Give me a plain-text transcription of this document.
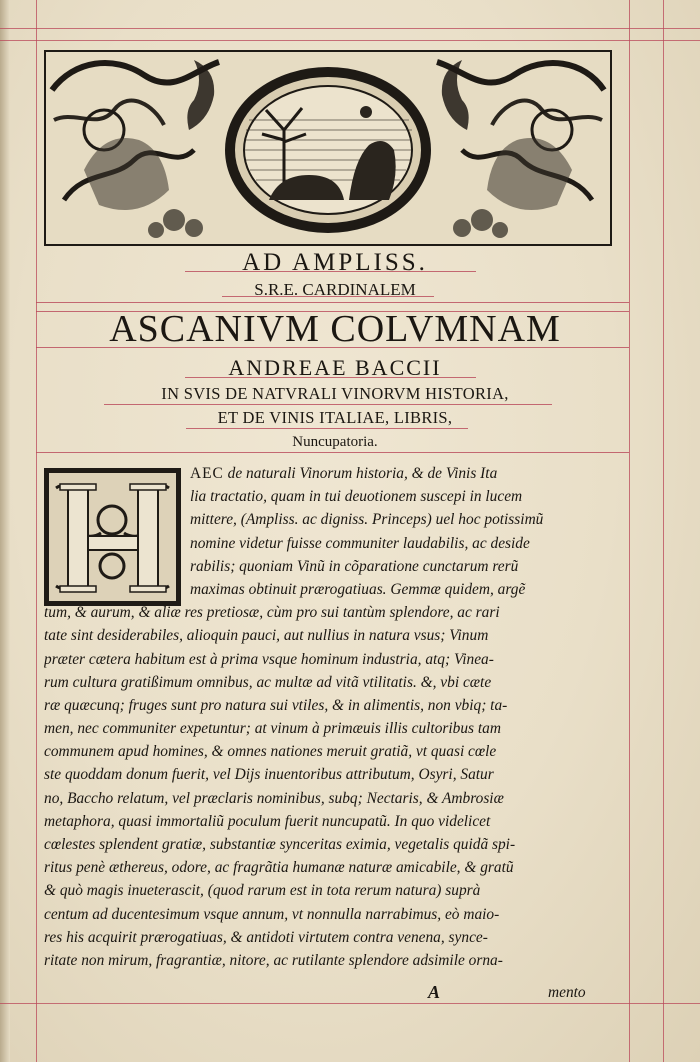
AD AMPLISS.
S.R.E. CARDINALEM
ASCANIVM COLVMNAM
ANDREAE BACCII
IN SVIS DE NATVRALI VINORVM HISTORIA,
ET DE VINIS ITALIAE, LIBRIS,
Nuncupatoria.
AEC de naturali Vinorum historia, & de Vinis Ita
lia tractatio, quam in tui deuotionem suscepi in lucem
mittere, (Ampliss. ac digniss. Princeps) uel hoc potissimũ
nomine videtur fuisse communiter laudabilis, ac deside
rabilis; quoniam Vinũ in cõparatione cunctarum rerũ
maximas obtinuit prærogatiuas. Gemmæ quidem, argẽ
tum, & aurum, & aliæ res pretiosæ, cùm pro sui tantùm splendore, ac rari
tate sint desiderabiles, alioquin pauci, aut nullius in natura vsus; Vinum
præter cætera habitum est à prima vsque hominum industria, atq; Vinea-
rum cultura gratißimum omnibus, ac multæ ad vitã vtilitatis. &, vbi cæte
ræ quæcunq; fruges sunt pro natura sui vtiles, & in alimentis, non vbiq; ta-
men, nec communiter expetuntur; at vinum à primæuis illis cultoribus tam
communem apud homines, & omnes nationes meruit gratiã, vt quasi cœle
ste quoddam donum fuerit, vel Dijs inuentoribus attributum, Osyri, Satur
no, Baccho relatum, vel præclaris nominibus, subq; Nectaris, & Ambrosiæ
metaphora, quasi immortaliũ poculum fuerit nuncupatũ. In quo videlicet
cœlestes splendent gratiæ, substantiæ synceritas eximia, vegetalis quidã spi-
ritus penè æthereus, odore, ac fragrãtia humanæ naturæ amicabile, & gratũ
& quò magis inueterascit, (quod rarum est in tota rerum natura) suprà
centum ad ducentesimum vsque annum, vt nonnulla narrabimus, eò maio-
res his acquirit prærogatiuas, & antidoti virtutem contra venena, synce-
ritate non mirum, fragrantiæ, nitore, ac rutilante splendore adsimile orna-
A	mento
